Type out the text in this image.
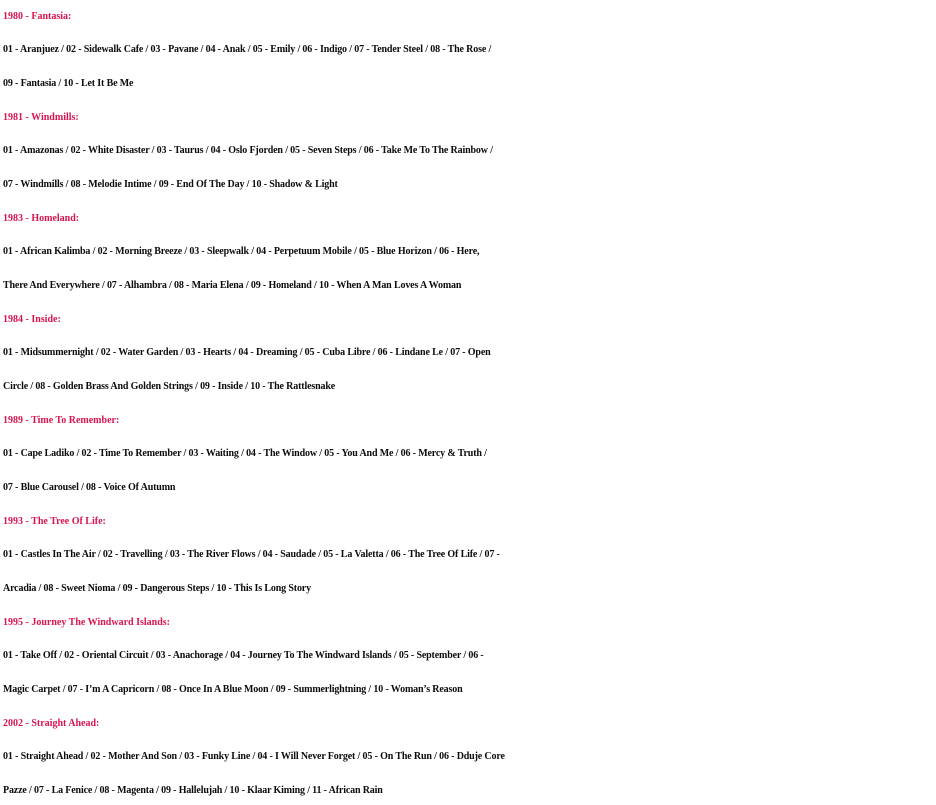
1980 - Fantasia:
01 - Aranjuez / 02 - Sidewalk Cafe / 03 - Pavane / 04 - Anak / 05 - Emily / 06 - Indigo / 07 - Tender Steel / 08 - The Rose /
09 - Fantasia / 10 - Let It Be Me
1981 - Windmills:
01 - Amazonas / 02 - White Disaster / 03 - Taurus / 04 - Oslo Fjorden / 05 - Seven Steps / 06 - Take Me To The Rainbow /
07 - Windmills / 08 - Melodie Intime / 09 - End Of The Day / 10 - Shadow & Light
1983 - Homeland:
01 - African Kalimba / 02 - Morning Breeze / 03 - Sleepwalk / 04 - Perpetuum Mobile / 05 - Blue Horizon / 06 - Here,
There And Everywhere / 07 - Alhambra / 08 - Maria Elena / 09 - Homeland / 10 - When A Man Loves A Woman
1984 - Inside:
01 - Midsummernight / 02 - Water Garden / 03 - Hearts / 04 - Dreaming / 05 - Cuba Libre / 06 - Lindane Le / 07 - Open
Circle / 08 - Golden Brass And Golden Strings / 09 - Inside / 10 - The Rattlesnake
1989 - Time To Remember:
01 - Cape Ladiko / 02 - Time To Remember / 03 - Waiting / 04 - The Window / 05 - You And Me / 06 - Mercy & Truth /
07 - Blue Carousel / 08 - Voice Of Autumn
1993 - The Tree Of Life:
01 - Castles In The Air / 02 - Travelling / 03 - The River Flows / 04 - Saudade / 05 - La Valetta / 06 - The Tree Of Life / 07 -
Arcadia / 08 - Sweet Nioma / 09 - Dangerous Steps / 10 - This Is Long Story
1995 - Journey The Windward Islands:
01 - Take Off / 02 - Oriental Circuit / 03 - Anachorage / 04 - Journey To The Windward Islands / 05 - September / 06 -
Magic Carpet / 07 - I’m A Capricorn / 08 - Once In A Blue Moon / 09 - Summerlightning / 10 - Woman’s Reason
2002 - Straight Ahead:
01 - Straight Ahead / 02 - Mother And Son / 03 - Funky Line / 04 - I Will Never Forget / 05 - On The Run / 06 - Dduje Core
Pazze / 07 - La Fenice / 08 - Magenta / 09 - Hallelujah / 10 - Klaar Kiming / 11 - African Rain
